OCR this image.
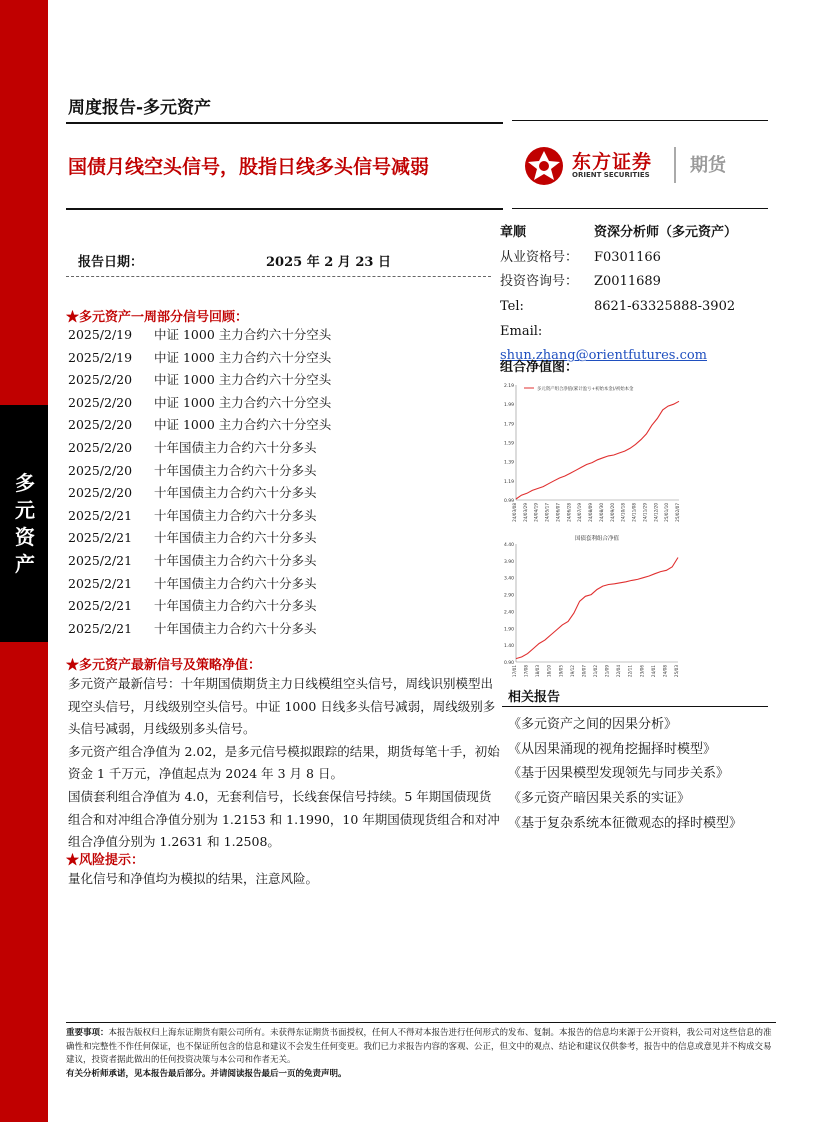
多元资产
周度报告-多元资产
国债月线空头信号，股指日线多头信号减弱	东方证券
ORIENT SECURITIES 期货
报告日期：	2025 年 2 月 23 日
★多元资产一周部分信号回顾：
2025/2/19 中证 1000 主力合约六十分空头
2025/2/19 中证 1000 主力合约六十分空头
2025/2/20 中证 1000 主力合约六十分空头
2025/2/20 中证 1000 主力合约六十分空头
2025/2/20 中证 1000 主力合约六十分空头
2025/2/20 十年国债主力合约六十分多头
2025/2/20 十年国债主力合约六十分多头
2025/2/20 十年国债主力合约六十分多头
2025/2/21 十年国债主力合约六十分多头
2025/2/21 十年国债主力合约六十分多头
2025/2/21 十年国债主力合约六十分多头
2025/2/21 十年国债主力合约六十分多头
2025/2/21 十年国债主力合约六十分多头
2025/2/21 十年国债主力合约六十分多头
★多元资产最新信号及策略净值：
多元资产最新信号：十年期国债期货主力日线模组空头信号，周线识别模型出现空头信号，月线级别空头信号。中证 1000 日线多头信号减弱，周线级别多头信号减弱，月线级别多头信号。
多元资产组合净值为 2.02，是多元信号模拟跟踪的结果，期货每笔十手，初始资金 1 千万元，净值起点为 2024 年 3 月 8 日。
国债套利组合净值为 4.0，无套利信号，长线套保信号持续。5 年期国债现货组合和对冲组合净值分别为 1.2153 和 1.1990，10 年期国债现货组合和对冲组合净值分别为 1.2631 和 1.2508。
★风险提示：
量化信号和净值均为模拟的结果，注意风险。
章顺	资深分析师（多元资产）
从业资格号： F0301166
投资咨询号： Z0011689
Tel:	8621-63325888-3902
Email:shun.zhang@orientfutures.com
组合净值图：
2.19
1.99
1.79
1.59
1.39
1.19
0.99
24/03/08 24/03/29 24/04/19 24/05/17 24/06/07 24/06/28 24/07/19 24/08/09 24/08/30 24/09/20 24/10/18 24/11/08 24/11/29 24/12/20 25/01/10 25/02/07
多元资产组合净值(累计盈亏+初始本金)/初始本金
4.40
3.90
3.40
2.90
2.40
1.90
1.40
0.90
17/01 17/08 18/03 18/10 19/05 19/12 20/07 21/02 21/09 22/04 22/11 23/06 24/01 24/08 25/03
国债套利组合净值
相关报告
《多元资产之间的因果分析》
《从因果涌现的视角挖掘择时模型》
《基于因果模型发现领先与同步关系》
《多元资产暗因果关系的实证》
《基于复杂系统本征微观态的择时模型》
重要事项：本报告版权归上海东证期货有限公司所有。未获得东证期货书面授权，任何人不得对本报告进行任何形式的发布、复制。本报告的信息均来源于公开资料，我公司对这些信息的准确性和完整性不作任何保证，也不保证所包含的信息和建议不会发生任何变更。我们已力求报告内容的客观、公正，但文中的观点、结论和建议仅供参考，报告中的信息或意见并不构成交易建议，投资者据此做出的任何投资决策与本公司和作者无关。
有关分析师承诺，见本报告最后部分。并请阅读报告最后一页的免责声明。
